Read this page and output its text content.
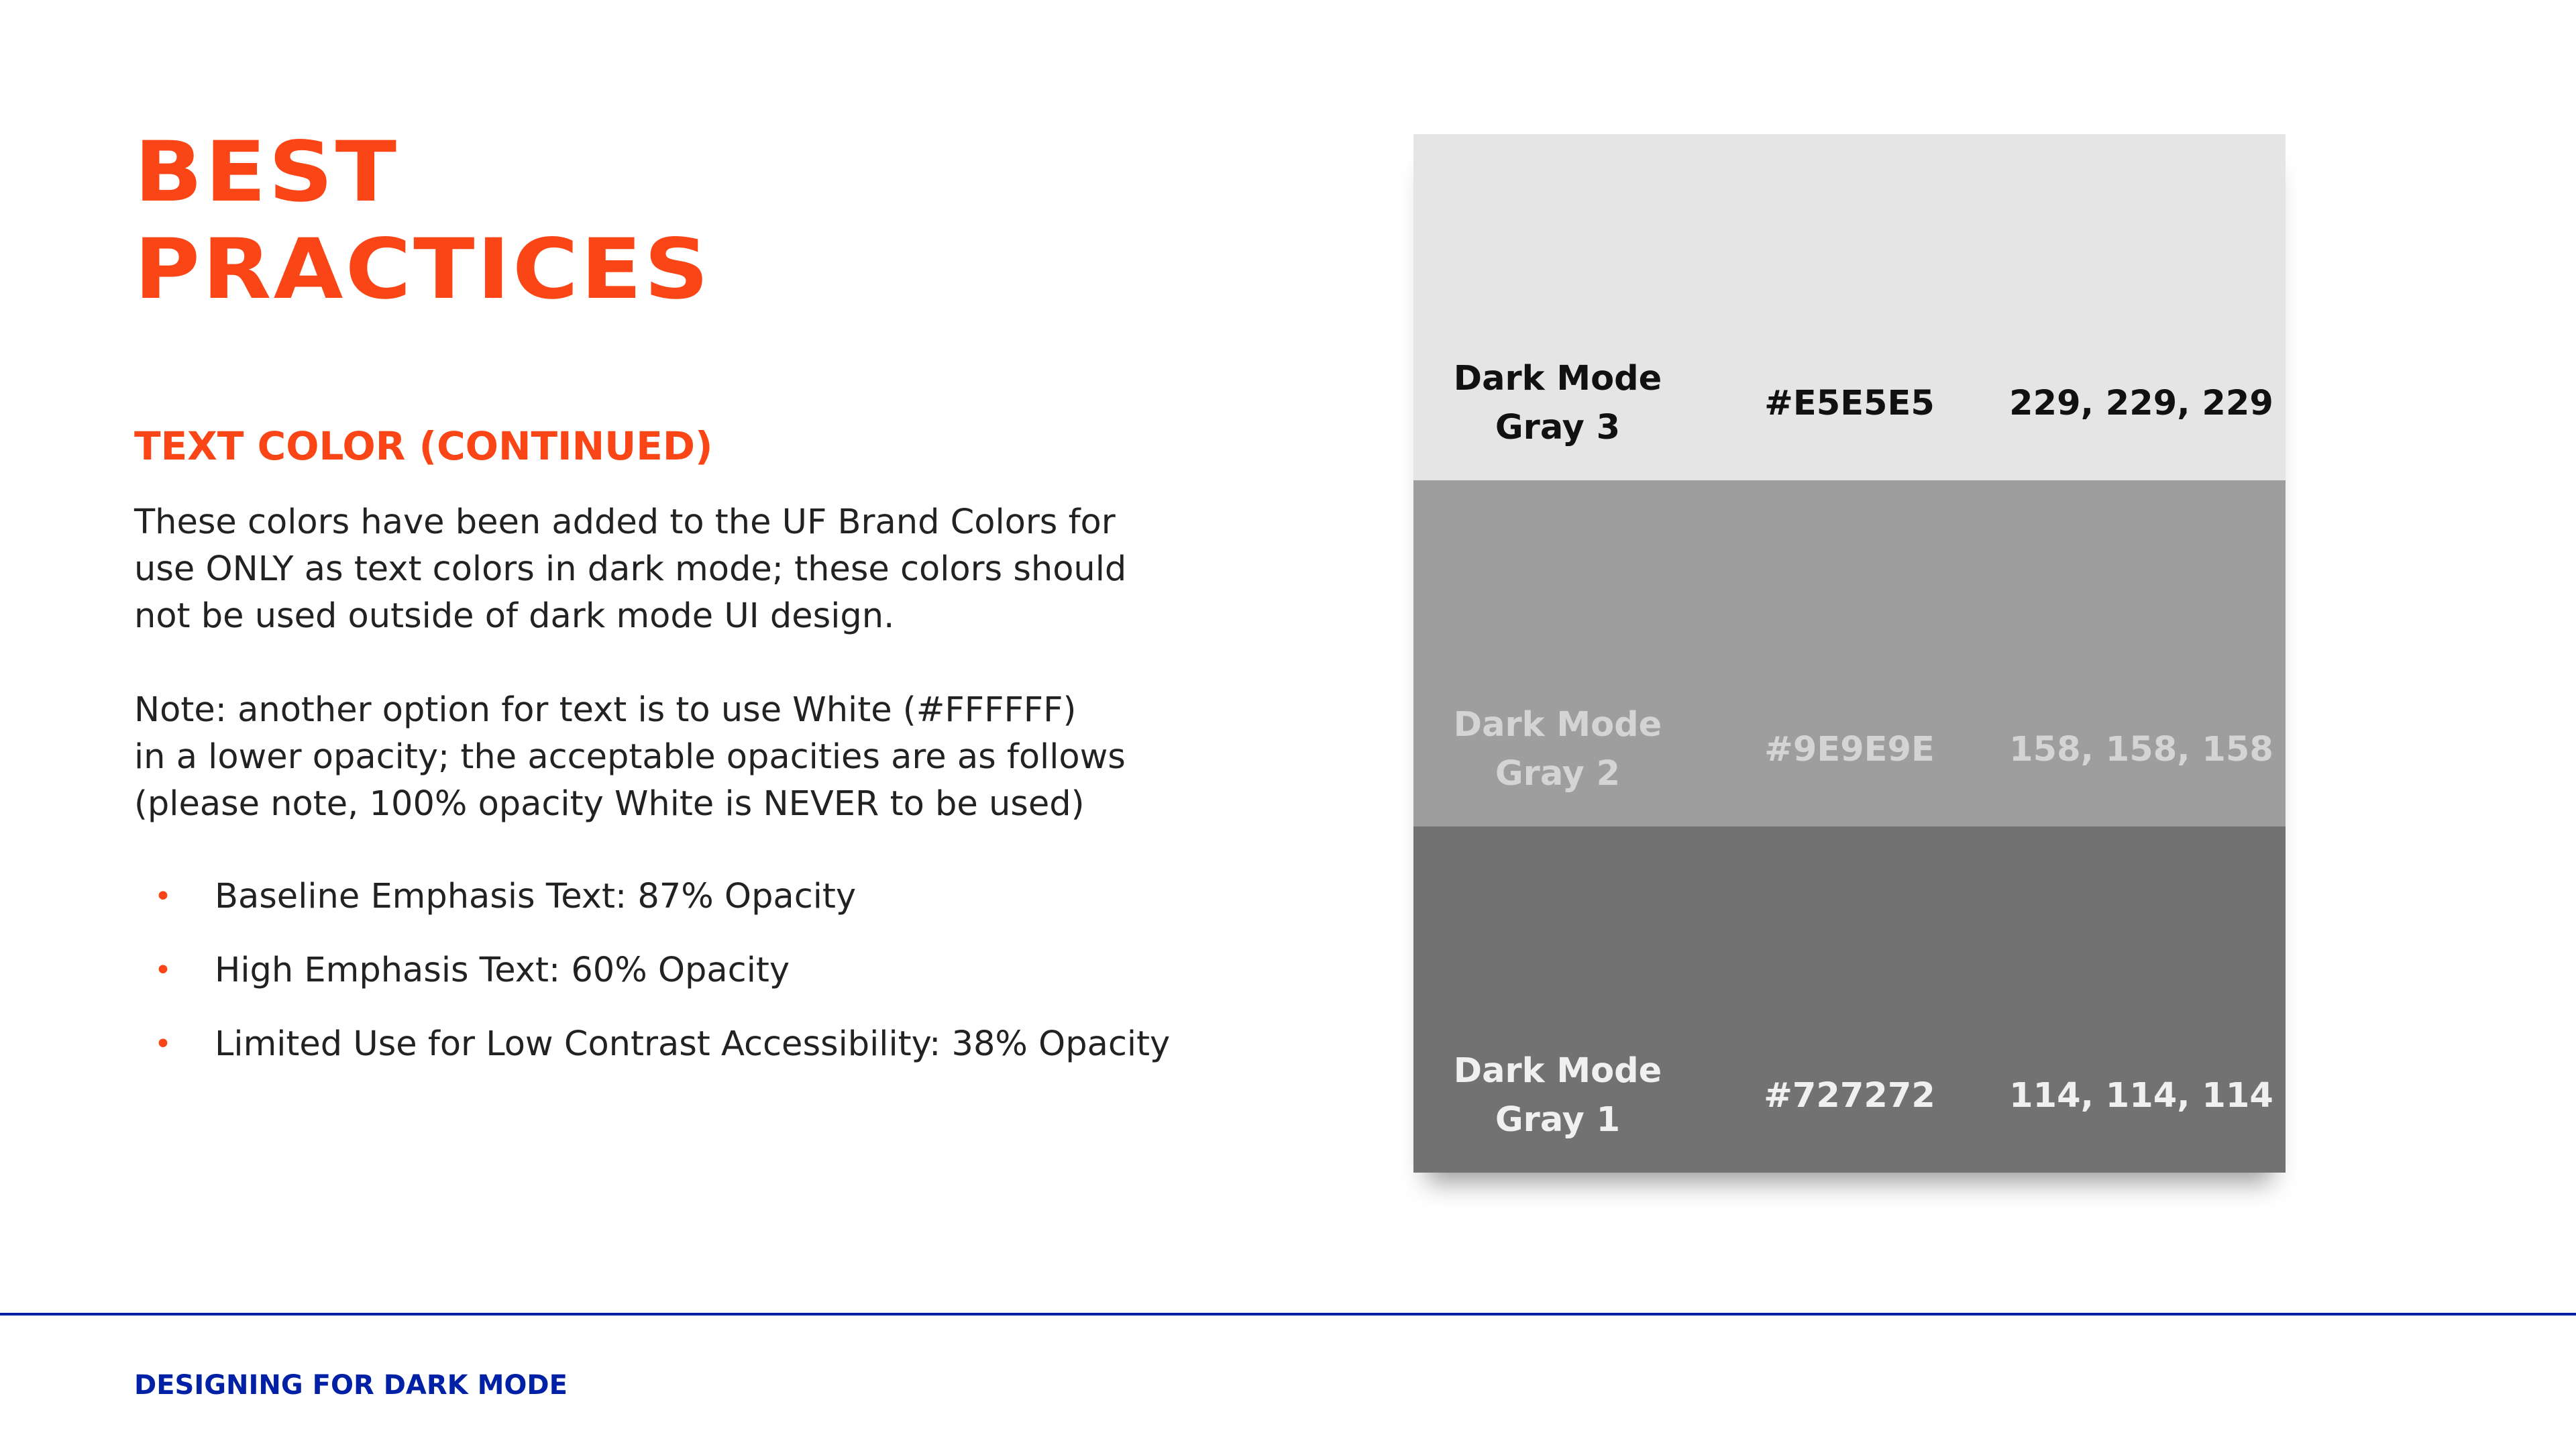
BEST
PRACTICES
TEXT COLOR (CONTINUED)

These colors have been added to the UF Brand Colors for

use ONLY as text colors in dark mode; these colors should

not be used outside of dark mode UI design.

Note: another option for text is to use White (#FFFFFF)

in a lower opacity; the acceptable opacities are as follows

(please note, 100% opacity White is NEVER to be used)

• Baseline Emphasis Text: 87% Opacity
• High Emphasis Text: 60% Opacity
• Limited Use for Low Contrast Accessibility: 38% Opacity
Dark Mode
Gray 3
#E5E5E5	229, 229, 229
Dark Mode
Gray 2
#9E9E9E	158, 158, 158
Dark Mode
Gray 1
#727272	114, 114, 114

DESIGNING FOR DARK MODE
